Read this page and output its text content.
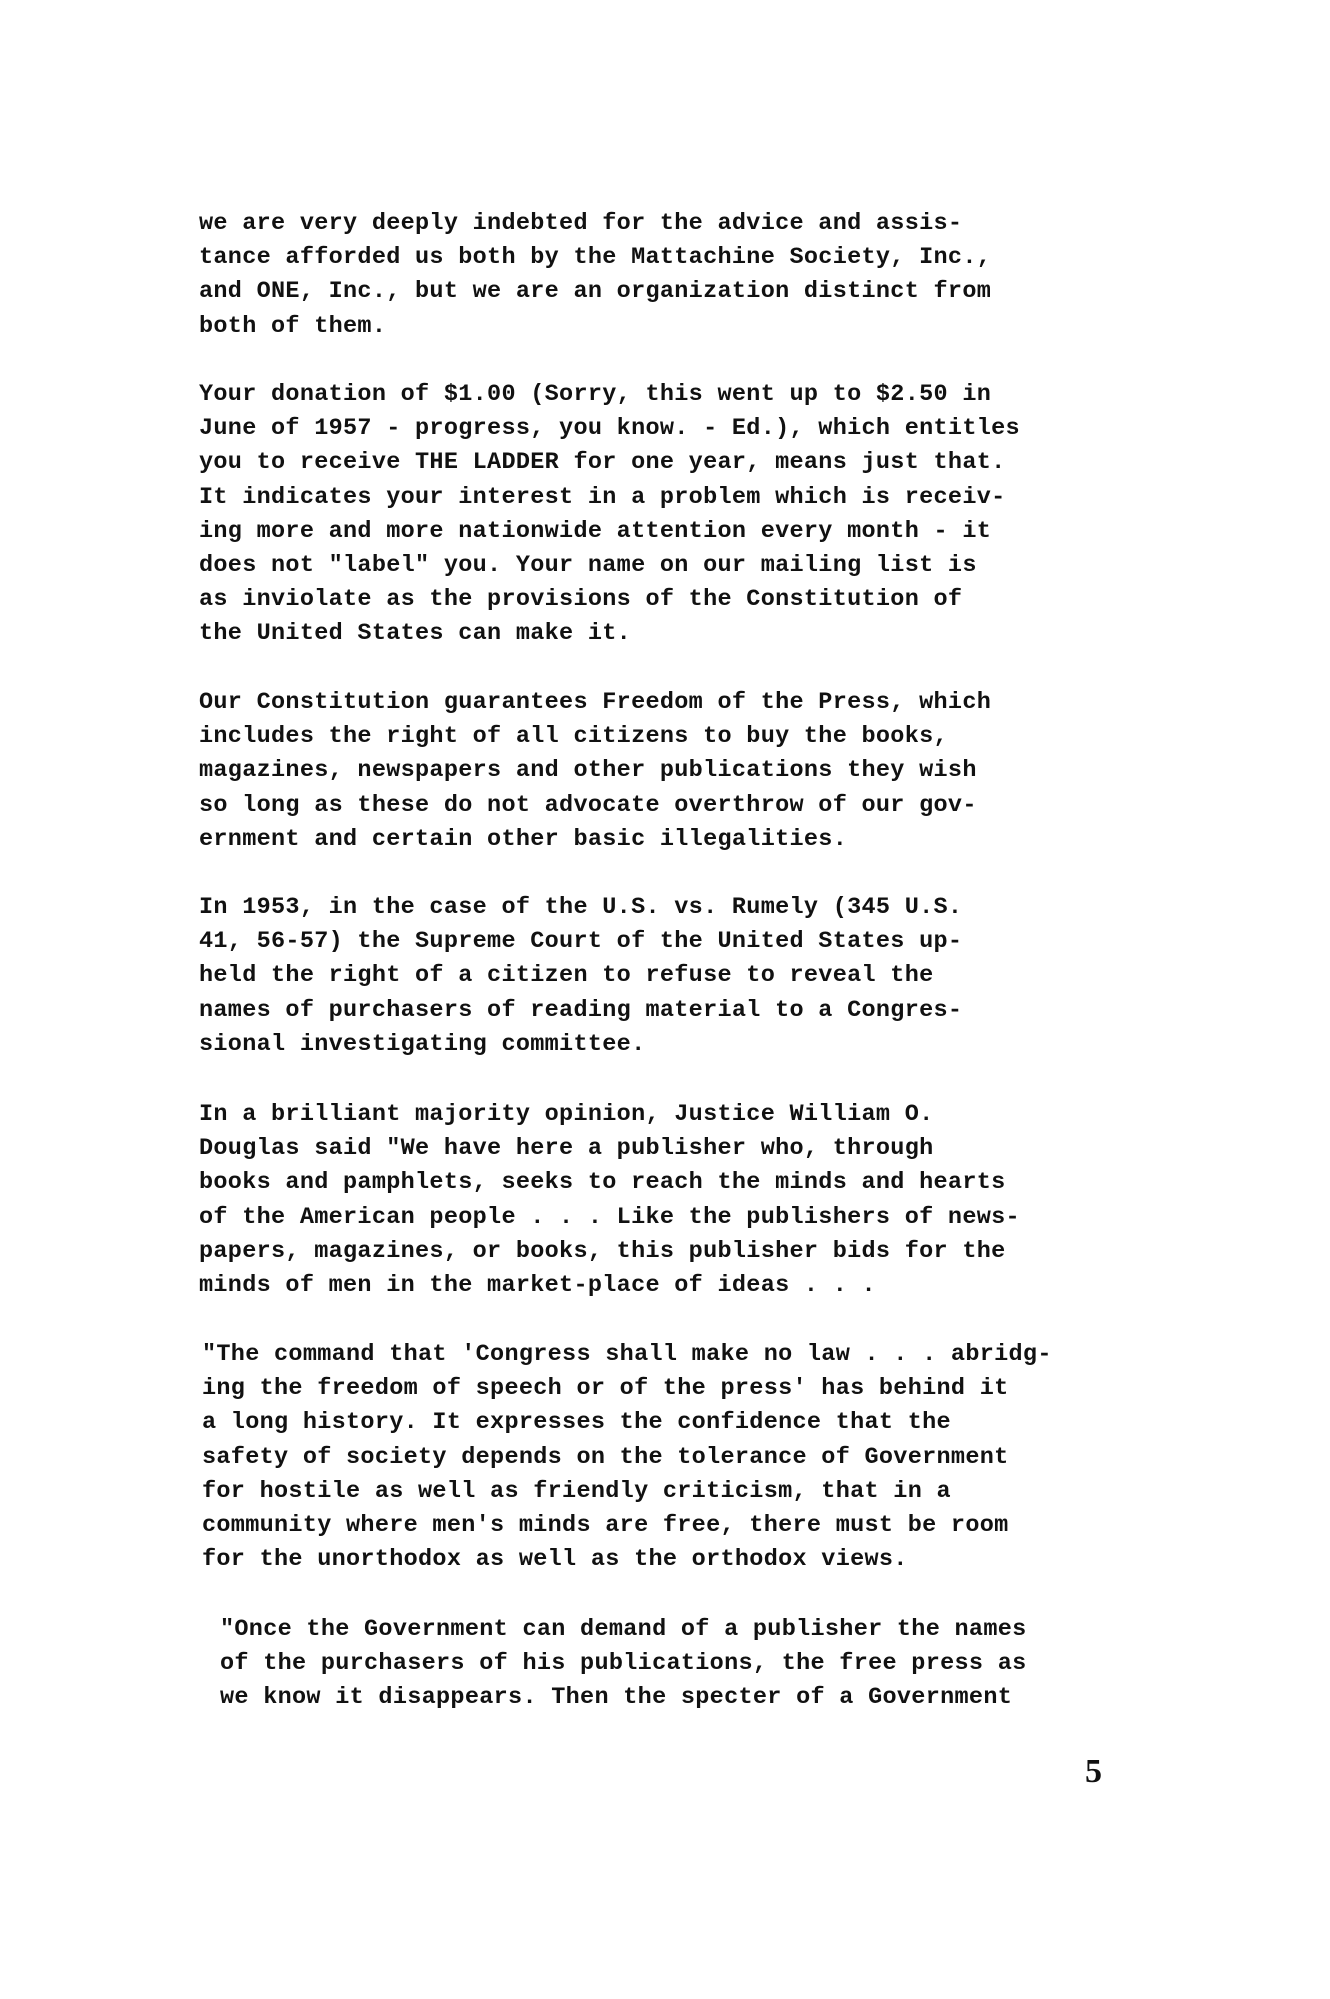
we are very deeply indebted for the advice and assis-
tance afforded us both by the Mattachine Society, Inc.,
and ONE, Inc., but we are an organization distinct from
both of them.
Your donation of $1.00 (Sorry, this went up to $2.50 in
June of 1957 - progress, you know. - Ed.), which entitles
you to receive THE LADDER for one year, means just that.
It indicates your interest in a problem which is receiv-
ing more and more nationwide attention every month - it
does not "label" you. Your name on our mailing list is
as inviolate as the provisions of the Constitution of
the United States can make it.
Our Constitution guarantees Freedom of the Press, which
includes the right of all citizens to buy the books,
magazines, newspapers and other publications they wish
so long as these do not advocate overthrow of our gov-
ernment and certain other basic illegalities.
In 1953, in the case of the U.S. vs. Rumely (345 U.S.
41, 56-57) the Supreme Court of the United States up-
held the right of a citizen to refuse to reveal the
names of purchasers of reading material to a Congres-
sional investigating committee.
In a brilliant majority opinion, Justice William O.
Douglas said "We have here a publisher who, through
books and pamphlets, seeks to reach the minds and hearts
of the American people . . . Like the publishers of news-
papers, magazines, or books, this publisher bids for the
minds of men in the market-place of ideas . . .
"The command that 'Congress shall make no law . . . abridg-
ing the freedom of speech or of the press' has behind it
a long history. It expresses the confidence that the
safety of society depends on the tolerance of Government
for hostile as well as friendly criticism, that in a
community where men's minds are free, there must be room
for the unorthodox as well as the orthodox views.
"Once the Government can demand of a publisher the names
of the purchasers of his publications, the free press as
we know it disappears. Then the specter of a Government
5
